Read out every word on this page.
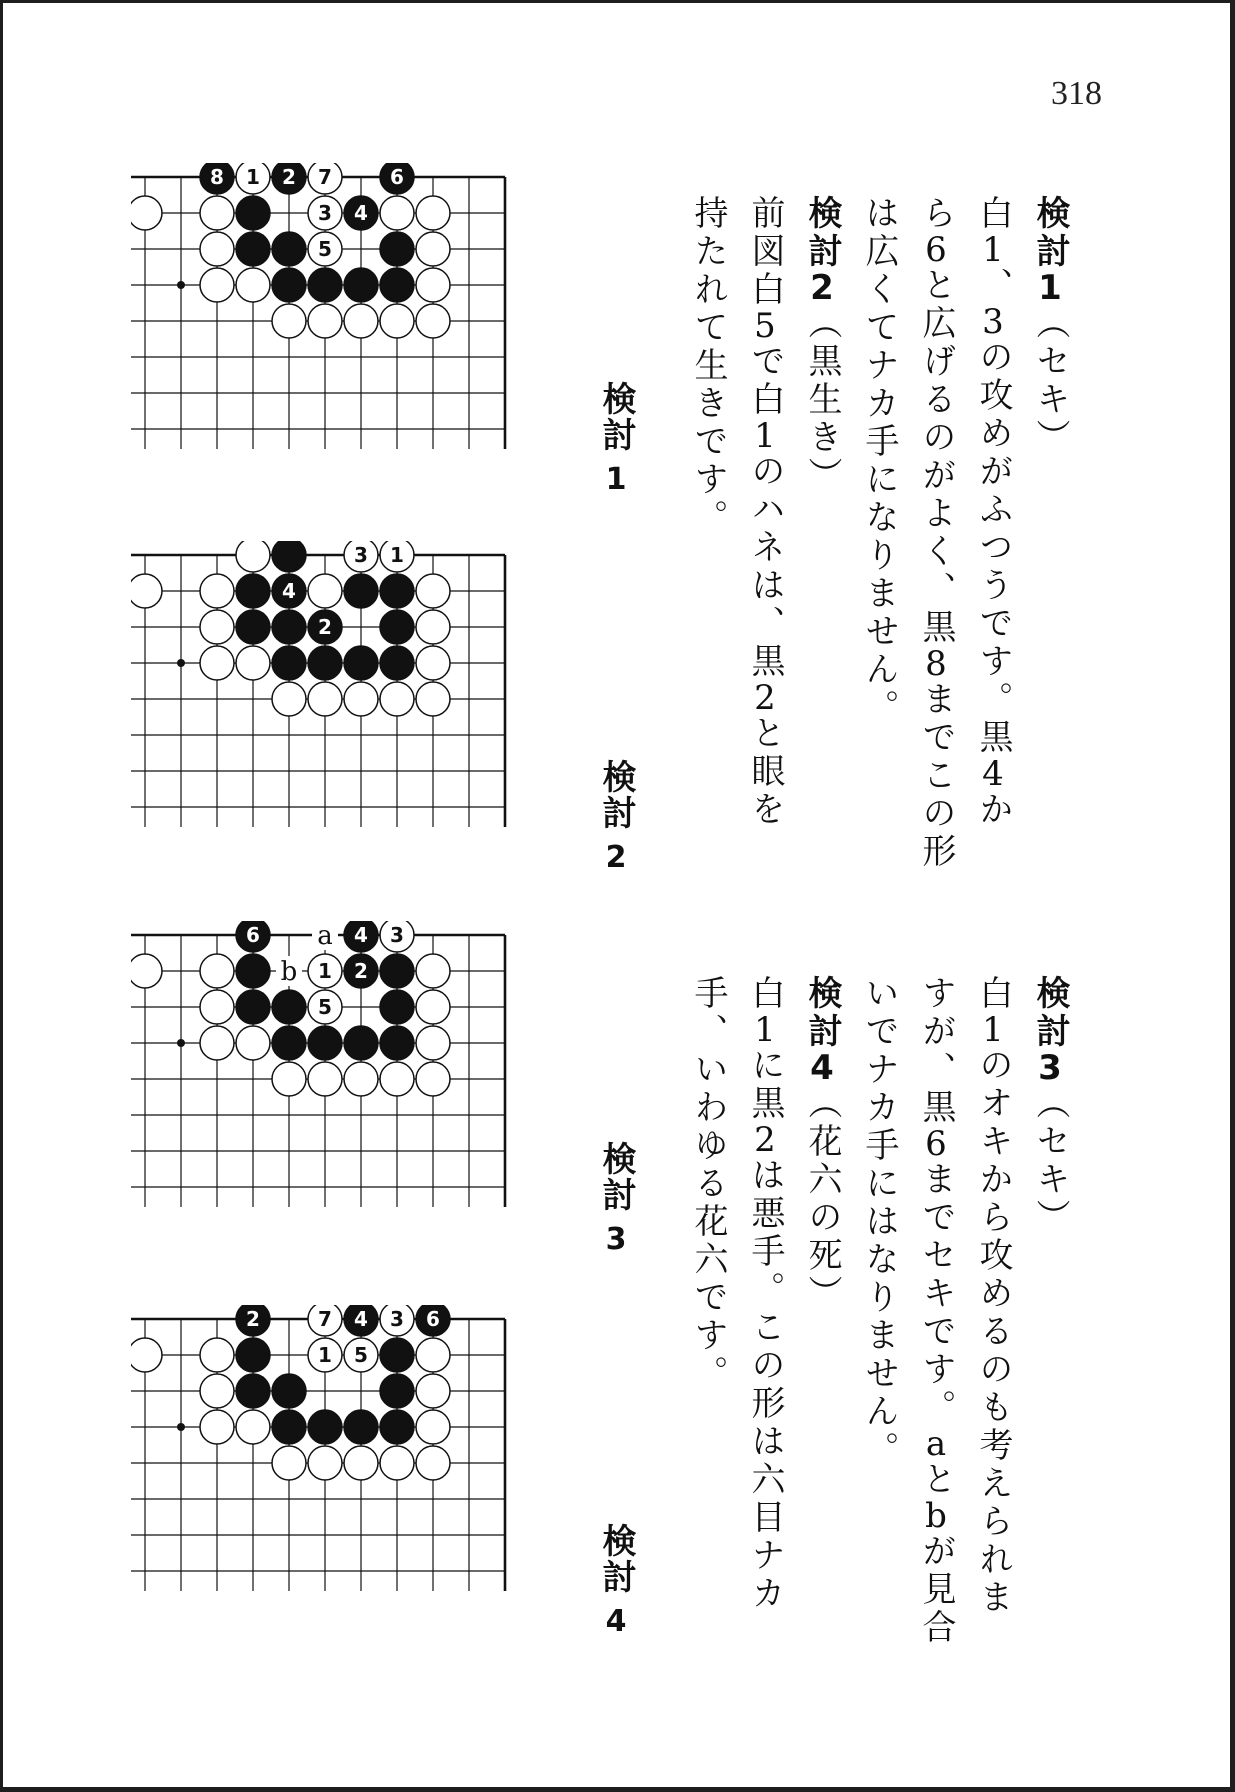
318
8 1 2 7	6
3 4
5
検討
1
3 1
4
2
検討
2
6	4 3
1 2
5
a
b
検討
3
2	7 4 3 6
1 5
検討
4

検討1（セキ）

白1、3の攻めがふつうです。黒4か
ら6と広げるのがよく、黒8までこの形
は広くてナカ手になりません。

検討2（黒生き）

前図白5で白1のハネは、黒2と眼を
持たれて生きです。

検討3（セキ）

白1のオキから攻めるのも考えられま
すが、黒6までセキです。aとbが見合
いでナカ手にはなりません。

検討4（花六の死）

白1に黒2は悪手。この形は六目ナカ
手、いわゆる花六です。
